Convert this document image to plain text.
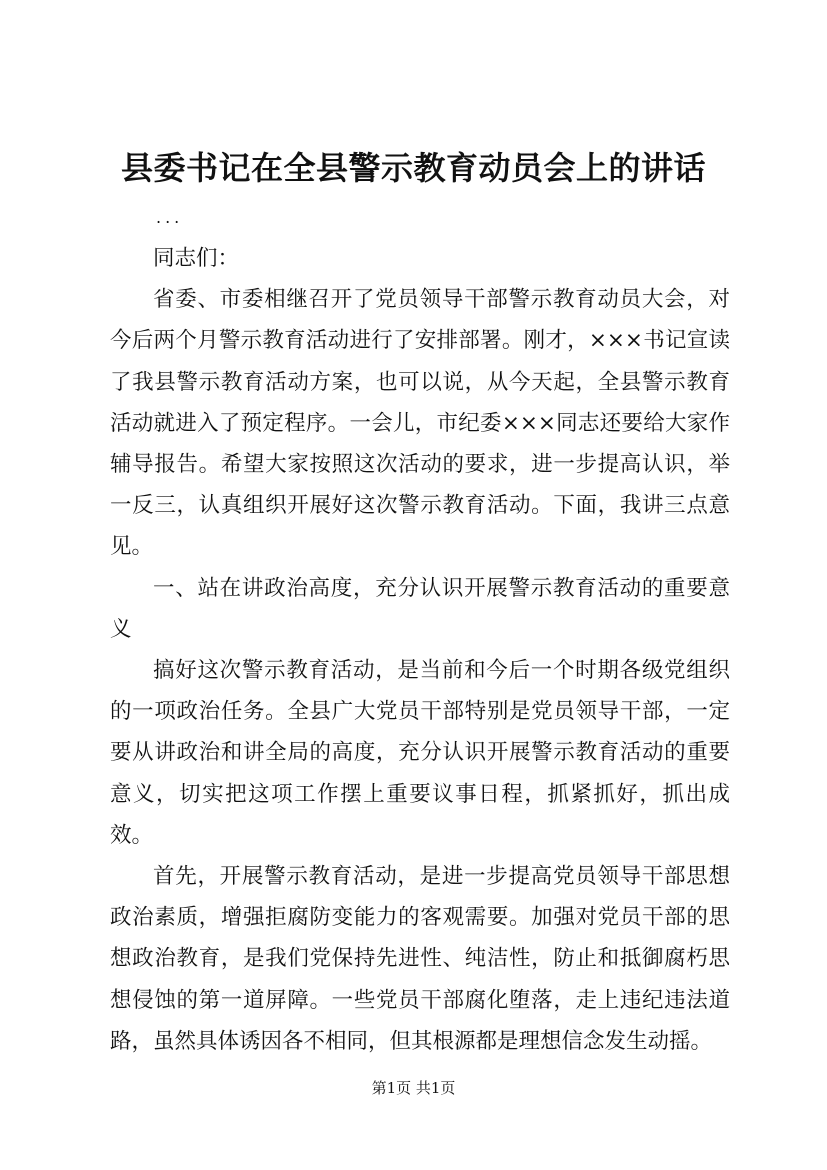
县委书记在全县警示教育动员会上的讲话
...

同志们：

省委、市委相继召开了党员领导干部警示教育动员大会，对今后两个月警示教育活动进行了安排部署。刚才，×××书记宣读了我县警示教育活动方案，也可以说，从今天起，全县警示教育活动就进入了预定程序。一会儿，市纪委×××同志还要给大家作辅导报告。希望大家按照这次活动的要求，进一步提高认识，举一反三，认真组织开展好这次警示教育活动。下面，我讲三点意见。

一、站在讲政治高度，充分认识开展警示教育活动的重要意义

搞好这次警示教育活动，是当前和今后一个时期各级党组织的一项政治任务。全县广大党员干部特别是党员领导干部，一定要从讲政治和讲全局的高度，充分认识开展警示教育活动的重要意义，切实把这项工作摆上重要议事日程，抓紧抓好，抓出成效。

首先，开展警示教育活动，是进一步提高党员领导干部思想政治素质，增强拒腐防变能力的客观需要。加强对党员干部的思想政治教育，是我们党保持先进性、纯洁性，防止和抵御腐朽思想侵蚀的第一道屏障。一些党员干部腐化堕落，走上违纪违法道路，虽然具体诱因各不相同，但其根源都是理想信念发生动摇。

第1页 共1页
